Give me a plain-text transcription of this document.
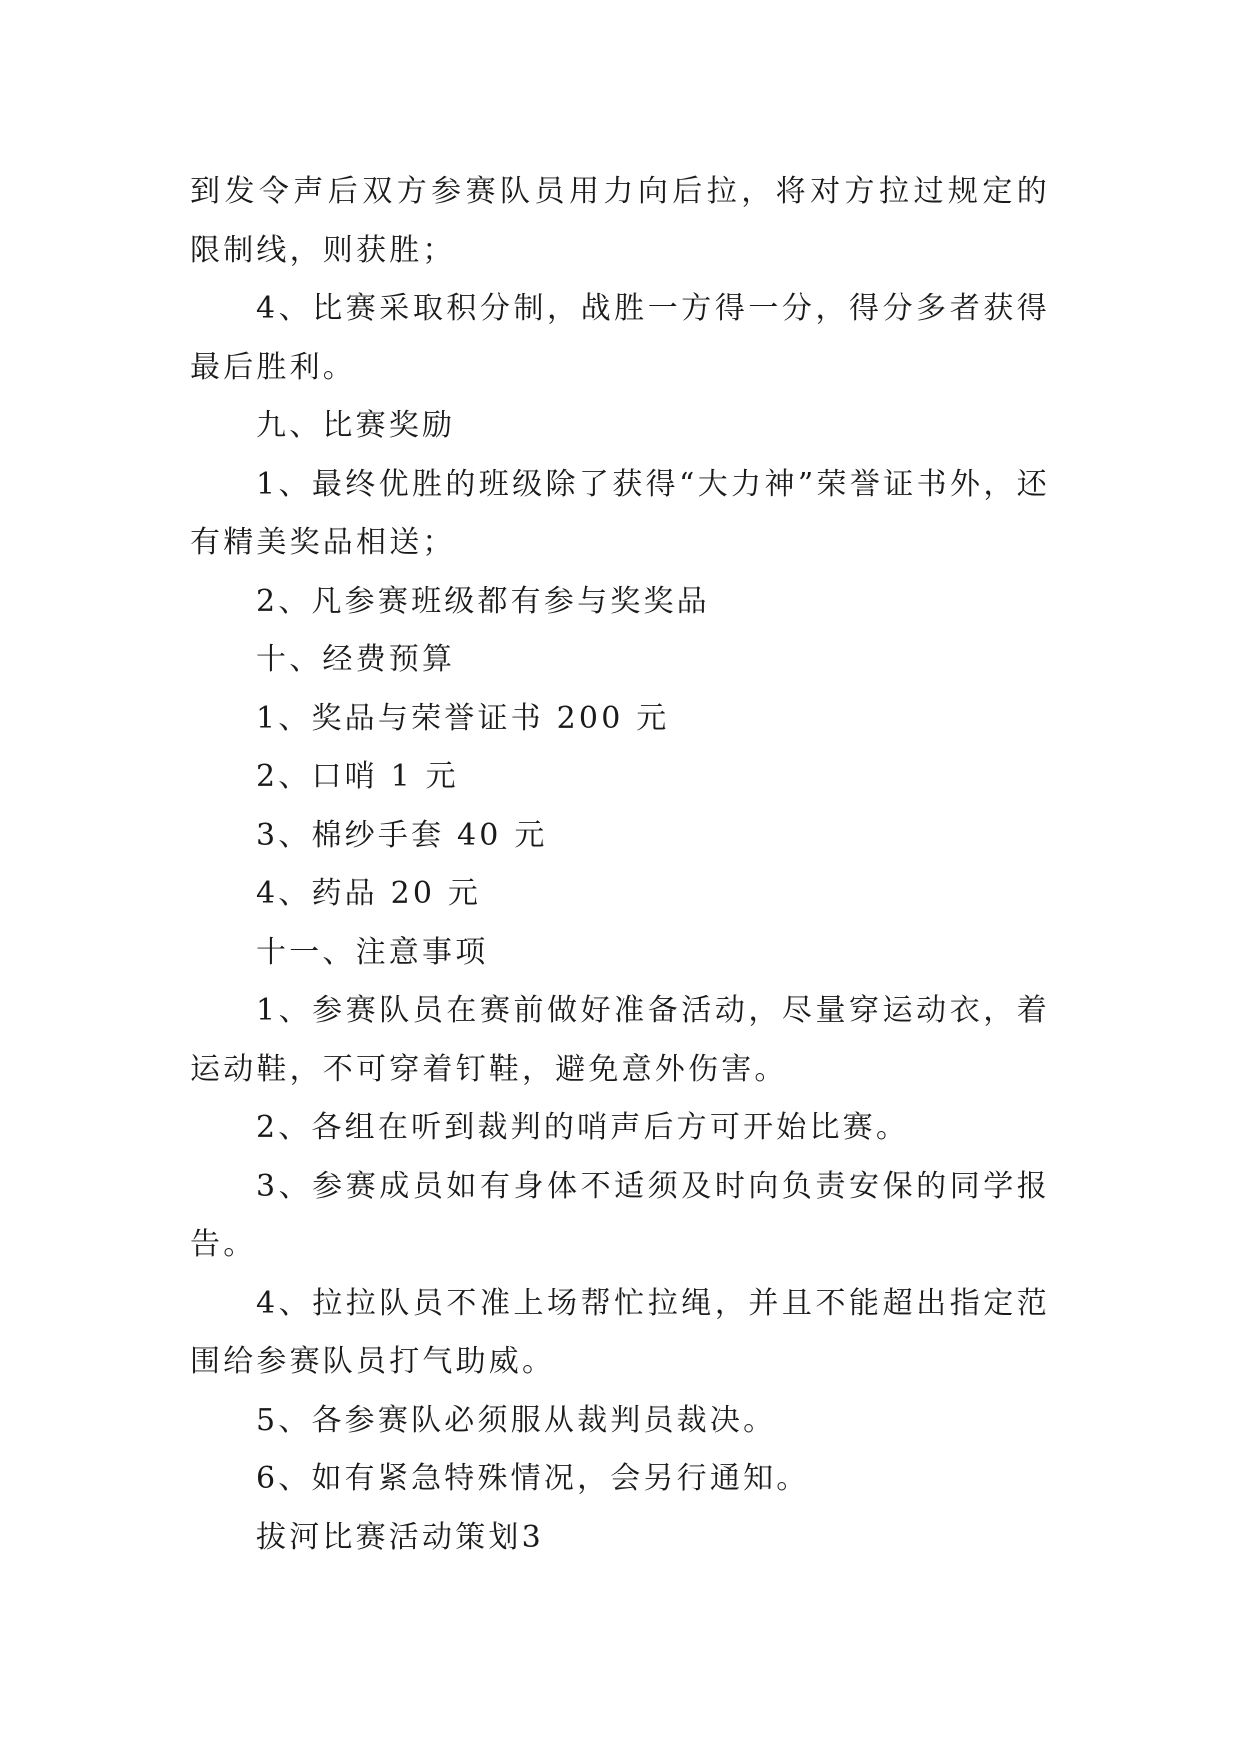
到发令声后双方参赛队员用力向后拉，将对方拉过规定的限制线，则获胜；

4、比赛采取积分制，战胜一方得一分，得分多者获得最后胜利。

九、比赛奖励

1、最终优胜的班级除了获得“大力神”荣誉证书外，还有精美奖品相送；

2、凡参赛班级都有参与奖奖品

十、经费预算

1、奖品与荣誉证书 200 元

2、口哨 1 元

3、棉纱手套 40 元

4、药品 20 元

十一、注意事项

1、参赛队员在赛前做好准备活动，尽量穿运动衣，着运动鞋，不可穿着钉鞋，避免意外伤害。

2、各组在听到裁判的哨声后方可开始比赛。

3、参赛成员如有身体不适须及时向负责安保的同学报告。

4、拉拉队员不准上场帮忙拉绳，并且不能超出指定范围给参赛队员打气助威。

5、各参赛队必须服从裁判员裁决。

6、如有紧急特殊情况，会另行通知。

拔河比赛活动策划3
